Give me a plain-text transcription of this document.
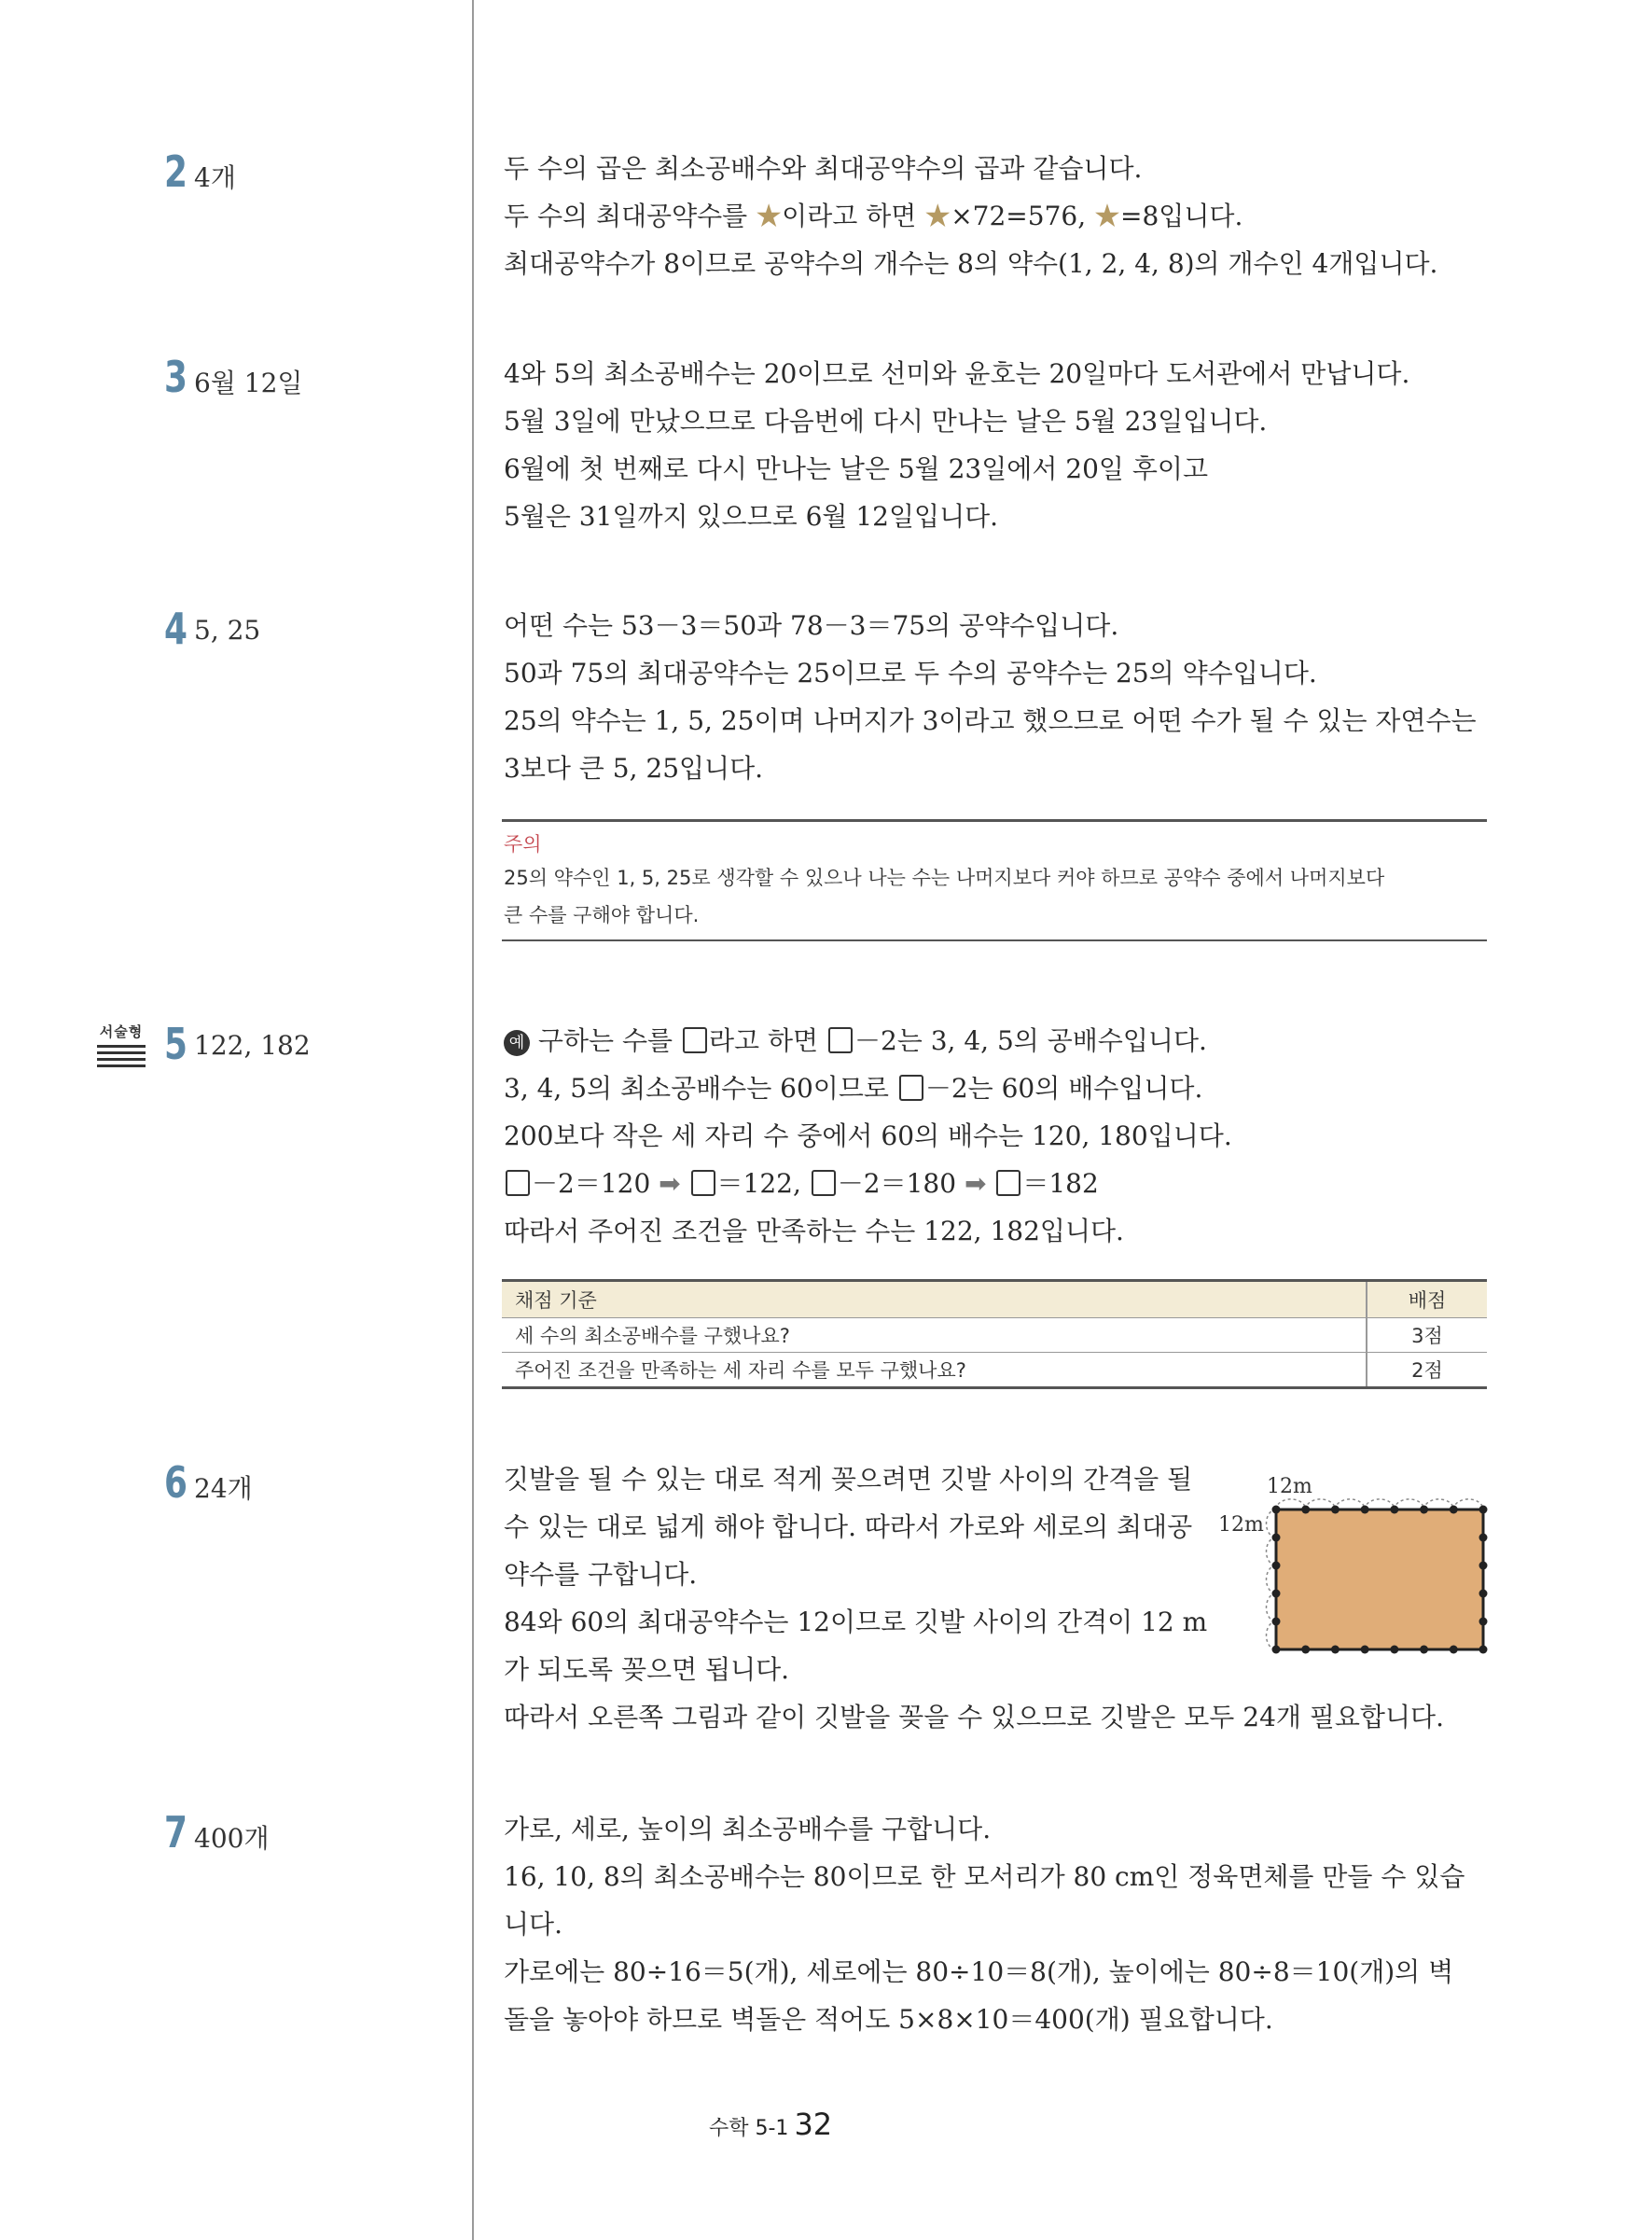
2 4개	두 수의 곱은 최소공배수와 최대공약수의 곱과 같습니다.
두 수의 최대공약수를 ★이라고 하면 ★×72=576, ★=8입니다.
최대공약수가 8이므로 공약수의 개수는 8의 약수(1, 2, 4, 8)의 개수인 4개입니다.
3 6월 12일	4와 5의 최소공배수는 20이므로 선미와 윤호는 20일마다 도서관에서 만납니다.
5월 3일에 만났으므로 다음번에 다시 만나는 날은 5월 23일입니다.
6월에 첫 번째로 다시 만나는 날은 5월 23일에서 20일 후이고
5월은 31일까지 있으므로 6월 12일입니다.
4 5, 25	어떤 수는 53－3＝50과 78－3＝75의 공약수입니다.
50과 75의 최대공약수는 25이므로 두 수의 공약수는 25의 약수입니다.
25의 약수는 1, 5, 25이며 나머지가 3이라고 했으므로 어떤 수가 될 수 있는 자연수는
3보다 큰 5, 25입니다.
주의
25의 약수인 1, 5, 25로 생각할 수 있으나 나는 수는 나머지보다 커야 하므로 공약수 중에서 나머지보다
큰 수를 구해야 합니다.
서술형 5 122, 182	예 구하는 수를 라고 하면 －2는 3, 4, 5의 공배수입니다.
3, 4, 5의 최소공배수는 60이므로 －2는 60의 배수입니다.
200보다 작은 세 자리 수 중에서 60의 배수는 120, 180입니다.
－2＝120 ➡ ＝122, －2＝180 ➡ ＝182
따라서 주어진 조건을 만족하는 수는 122, 182입니다.
채점 기준	배점
세 수의 최소공배수를 구했나요?	3점
주어진 조건을 만족하는 세 자리 수를 모두 구했나요?	2점
6 24개	깃발을 될 수 있는 대로 적게 꽂으려면 깃발 사이의 간격을 될
수 있는 대로 넓게 해야 합니다. 따라서 가로와 세로의 최대공
약수를 구합니다.
84와 60의 최대공약수는 12이므로 깃발 사이의 간격이 12 m
가 되도록 꽂으면 됩니다.
따라서 오른쪽 그림과 같이 깃발을 꽂을 수 있으므로 깃발은 모두 24개 필요합니다.
12m
12m
7 400개	가로, 세로, 높이의 최소공배수를 구합니다.
16, 10, 8의 최소공배수는 80이므로 한 모서리가 80 cm인 정육면체를 만들 수 있습
니다.
가로에는 80÷16＝5(개), 세로에는 80÷10＝8(개), 높이에는 80÷8＝10(개)의 벽
돌을 놓아야 하므로 벽돌은 적어도 5×8×10＝400(개) 필요합니다.
수학 5-1 32
